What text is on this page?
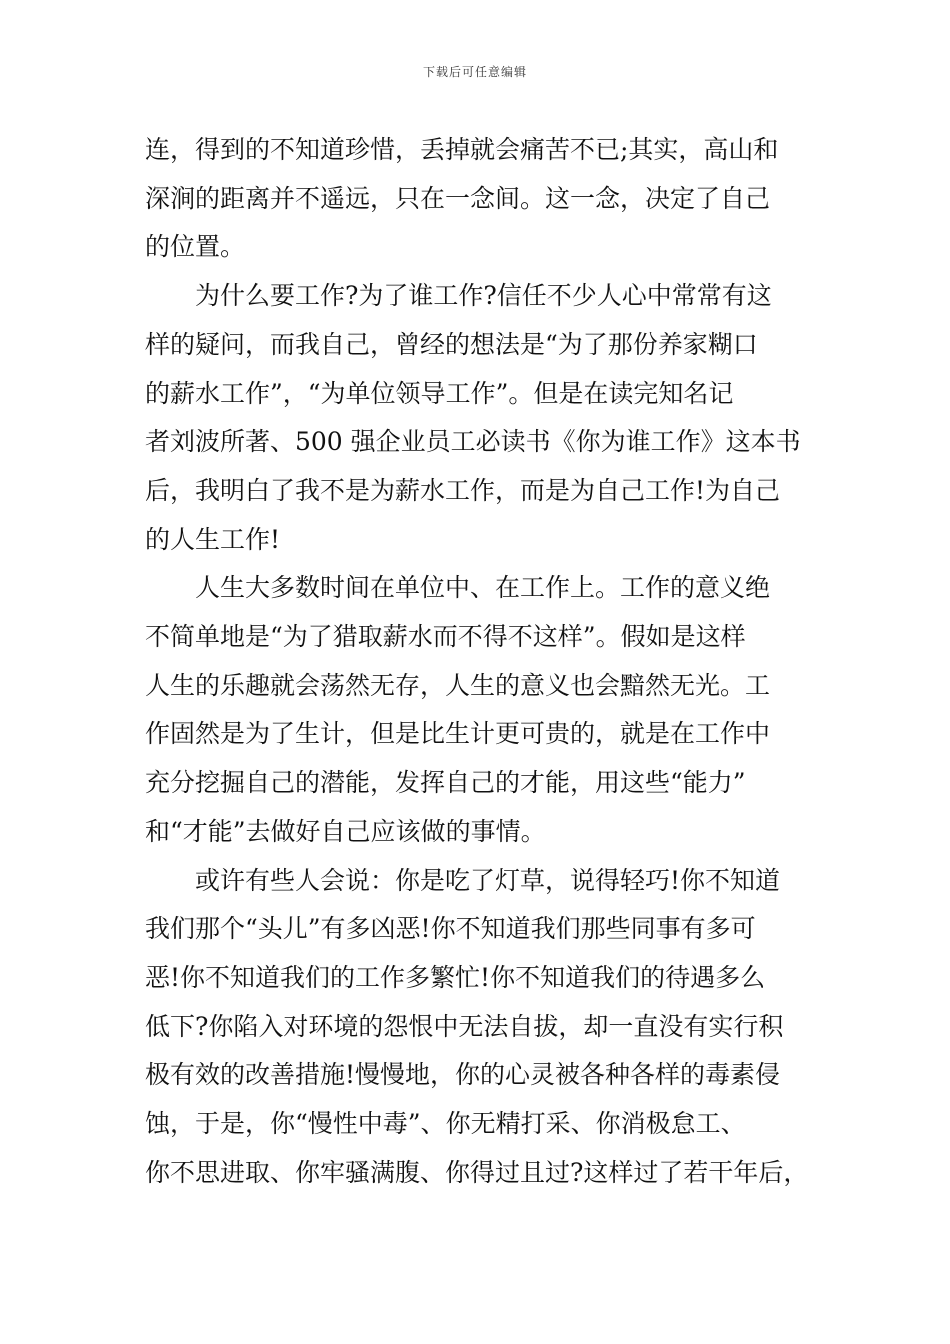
下载后可任意编辑

连，得到的不知道珍惜，丢掉就会痛苦不已;其实，高山和
深涧的距离并不遥远，只在一念间。这一念，决定了自己
的位置。

为什么要工作?为了谁工作?信任不少人心中常常有这
样的疑问，而我自己，曾经的想法是“为了那份养家糊口
的薪水工作”，“为单位领导工作”。但是在读完知名记
者刘波所著、500 强企业员工必读书《你为谁工作》这本书
后，我明白了我不是为薪水工作，而是为自己工作!为自己
的人生工作!

人生大多数时间在单位中、在工作上。工作的意义绝
不简单地是“为了猎取薪水而不得不这样”。假如是这样
人生的乐趣就会荡然无存，人生的意义也会黯然无光。工
作固然是为了生计，但是比生计更可贵的，就是在工作中
充分挖掘自己的潜能，发挥自己的才能，用这些“能力”
和“才能”去做好自己应该做的事情。

或许有些人会说：你是吃了灯草，说得轻巧!你不知道
我们那个“头儿”有多凶恶!你不知道我们那些同事有多可
恶!你不知道我们的工作多繁忙!你不知道我们的待遇多么
低下?你陷入对环境的怨恨中无法自拔，却一直没有实行积
极有效的改善措施!慢慢地，你的心灵被各种各样的毒素侵
蚀，于是，你“慢性中毒”、你无精打采、你消极怠工、
你不思进取、你牢骚满腹、你得过且过?这样过了若干年后，
